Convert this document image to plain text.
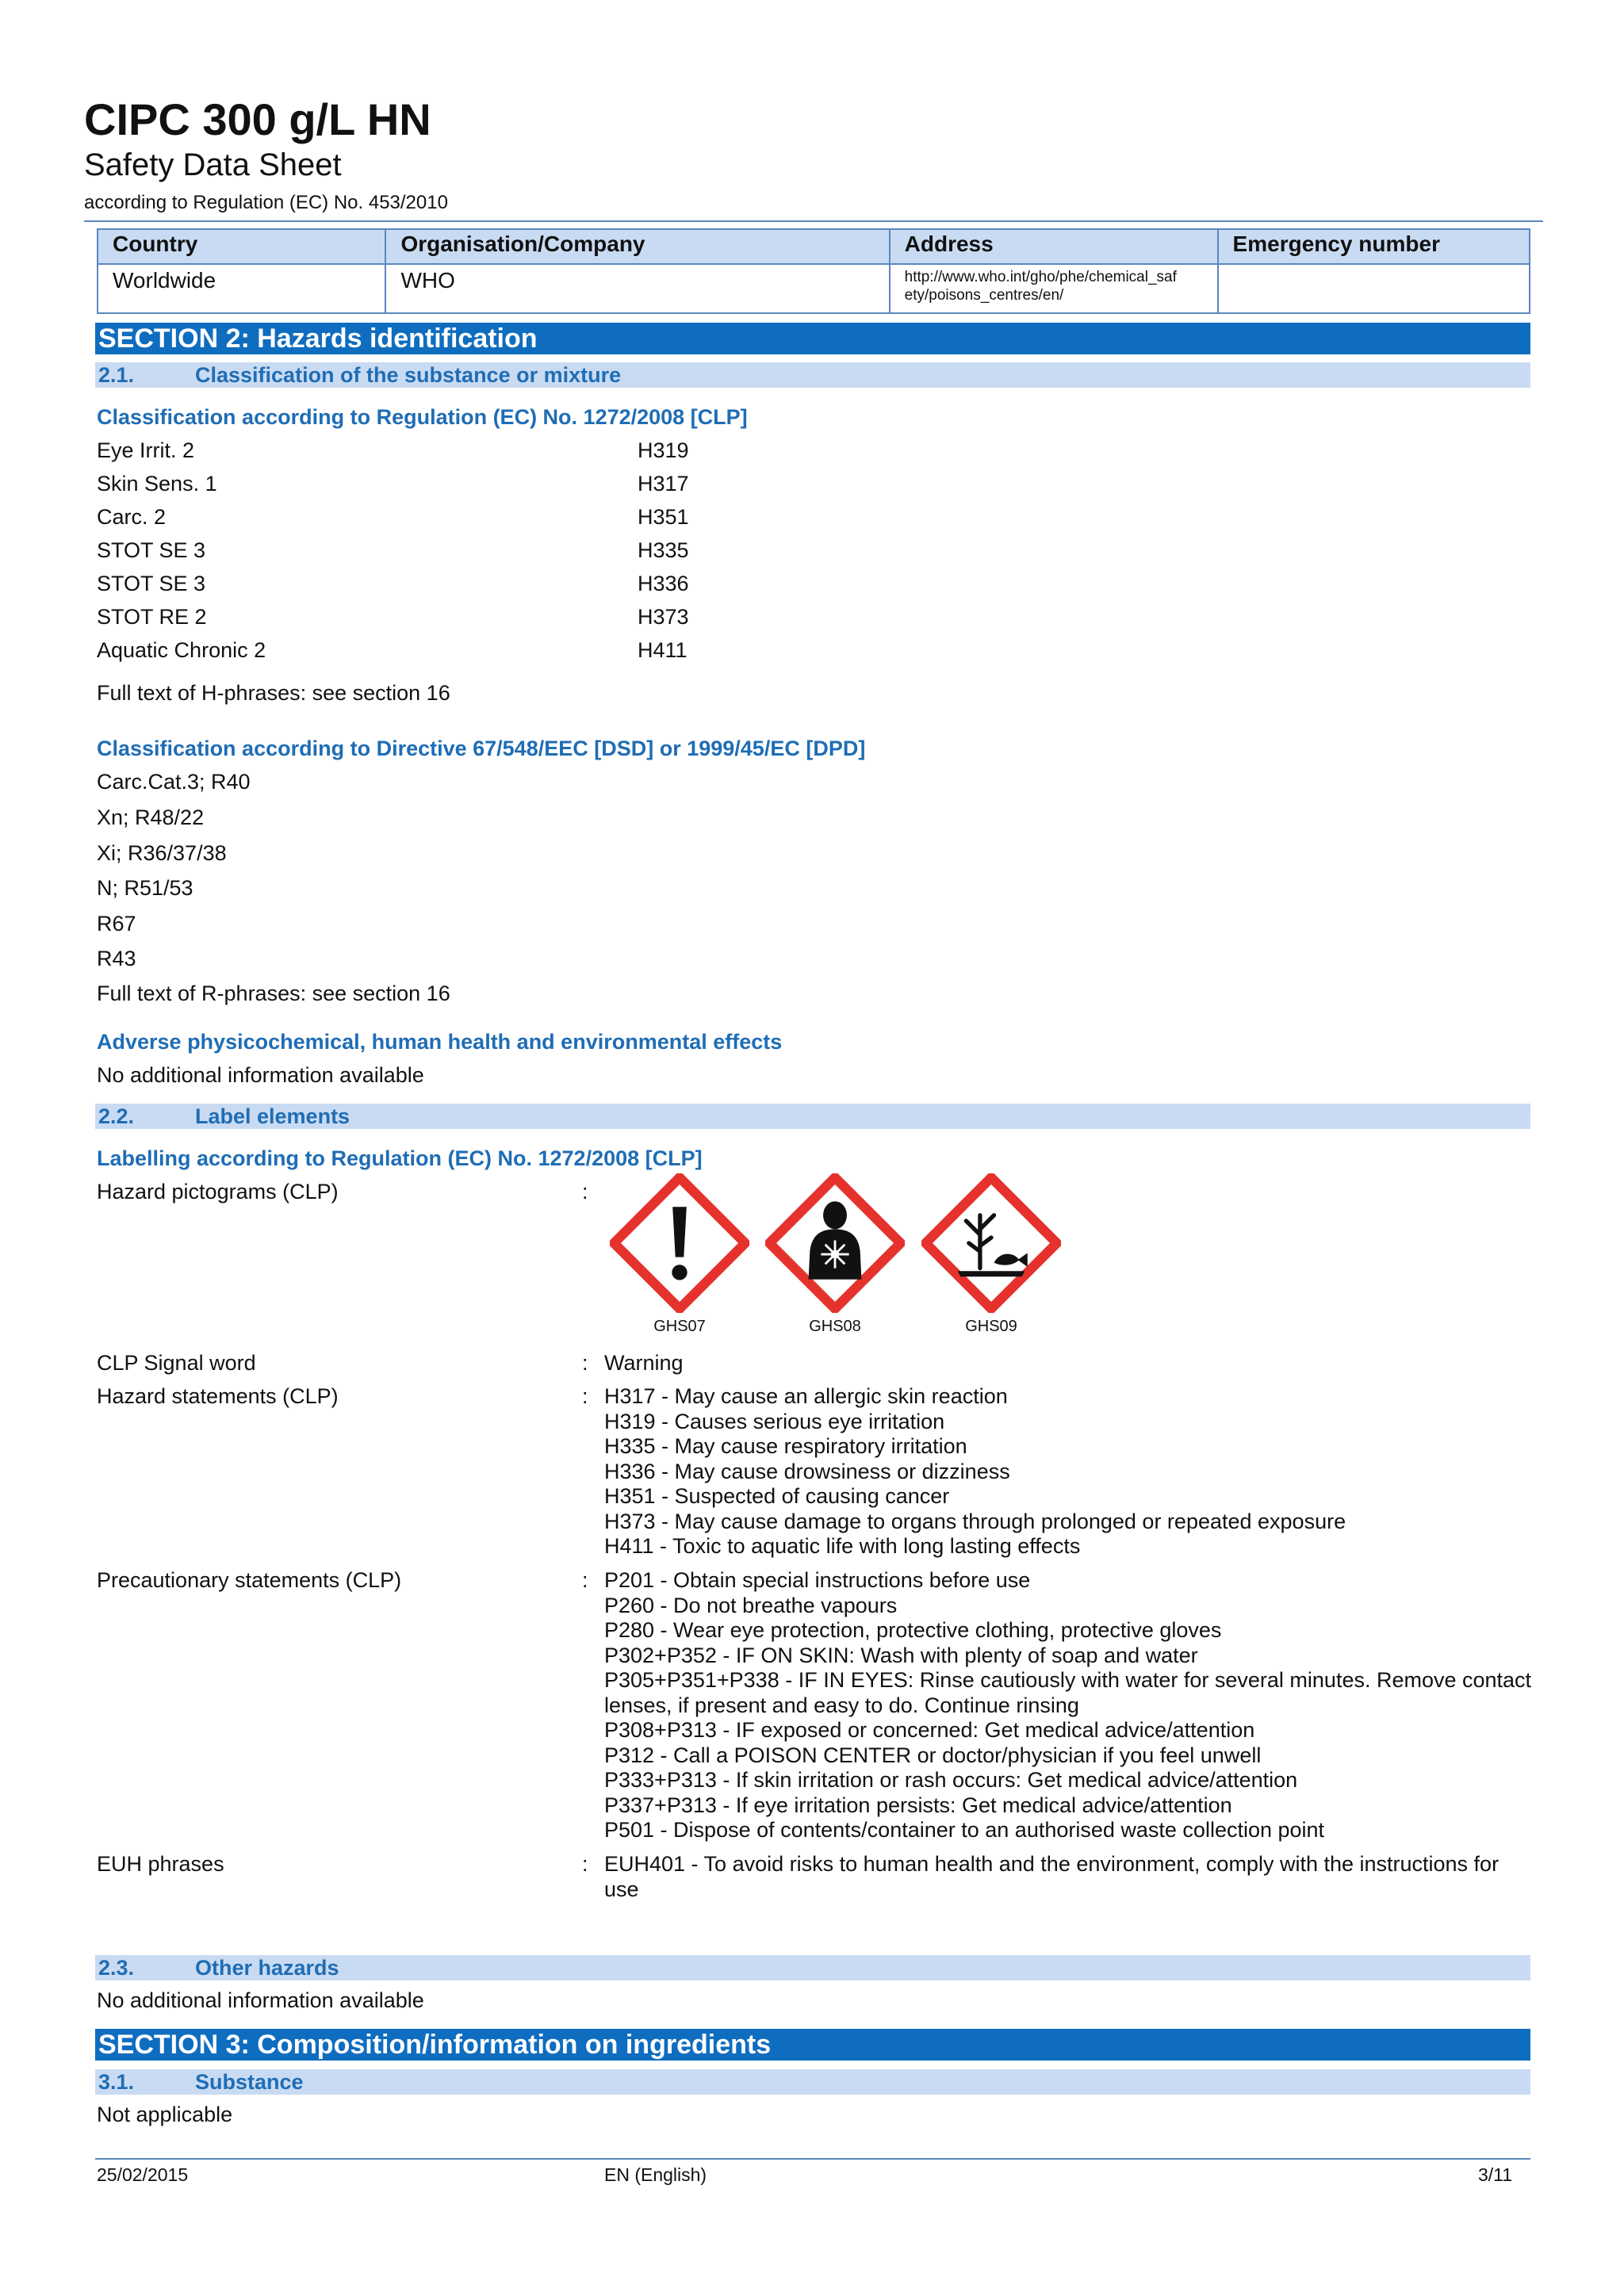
CIPC 300 g/L HN
Safety Data Sheet
according to Regulation (EC) No. 453/2010
Country	Organisation/Company	Address	Emergency number
Worldwide	WHO	http://www.who.int/gho/phe/chemical_saf
ety/poisons_centres/en/	

SECTION 2: Hazards identification
2.1.	Classification of the substance or mixture
Classification according to Regulation (EC) No. 1272/2008 [CLP]
Eye Irrit. 2	H319
Skin Sens. 1	H317
Carc. 2	H351
STOT SE 3	H335
STOT SE 3	H336
STOT RE 2	H373
Aquatic Chronic 2	H411
Full text of H-phrases: see section 16
Classification according to Directive 67/548/EEC [DSD] or 1999/45/EC [DPD]
Carc.Cat.3; R40
Xn; R48/22
Xi; R36/37/38
N; R51/53
R67
R43
Full text of R-phrases: see section 16
Adverse physicochemical, human health and environmental effects
No additional information available
2.2.	Label elements
Labelling according to Regulation (EC) No. 1272/2008 [CLP]
Hazard pictograms (CLP)	:
GHS07	GHS08	GHS09
CLP Signal word	: Warning
Hazard statements (CLP)	: H317 - May cause an allergic skin reaction
H319 - Causes serious eye irritation
H335 - May cause respiratory irritation
H336 - May cause drowsiness or dizziness
H351 - Suspected of causing cancer
H373 - May cause damage to organs through prolonged or repeated exposure
H411 - Toxic to aquatic life with long lasting effects
Precautionary statements (CLP)	: P201 - Obtain special instructions before use
P260 - Do not breathe vapours
P280 - Wear eye protection, protective clothing, protective gloves
P302+P352 - IF ON SKIN: Wash with plenty of soap and water
P305+P351+P338 - IF IN EYES: Rinse cautiously with water for several minutes. Remove contact lenses, if present and easy to do. Continue rinsing
P308+P313 - IF exposed or concerned: Get medical advice/attention
P312 - Call a POISON CENTER or doctor/physician if you feel unwell
P333+P313 - If skin irritation or rash occurs: Get medical advice/attention
P337+P313 - If eye irritation persists: Get medical advice/attention
P501 - Dispose of contents/container to an authorised waste collection point
EUH phrases	: EUH401 - To avoid risks to human health and the environment, comply with the instructions for use
2.3.	Other hazards
No additional information available
SECTION 3: Composition/information on ingredients
3.1.	Substance
Not applicable
25/02/2015	EN (English)	3/11
